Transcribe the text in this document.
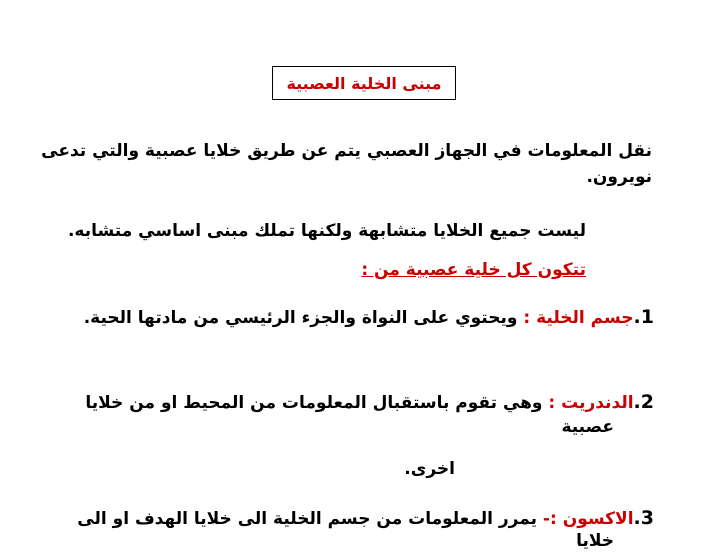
مبنى الخلية العصبية
نقل المعلومات في الجهاز العصبي يتم عن طريق خلايا عصبية والتي تدعى
نويرون.
ليست جميع الخلايا متشابهة ولكنها تملك مبنى اساسي متشابه.
تتكون كل خلية عصبية من :
1.جسم الخلية : ويحتوي على النواة والجزء الرئيسي من مادتها الحية.
2.الدندريت : وهي تقوم باستقبال المعلومات من المحيط او من خلايا
عصبية
اخرى.
3.الاكسون :- يمرر المعلومات من جسم الخلية الى خلايا الهدف او الى
خلايا
